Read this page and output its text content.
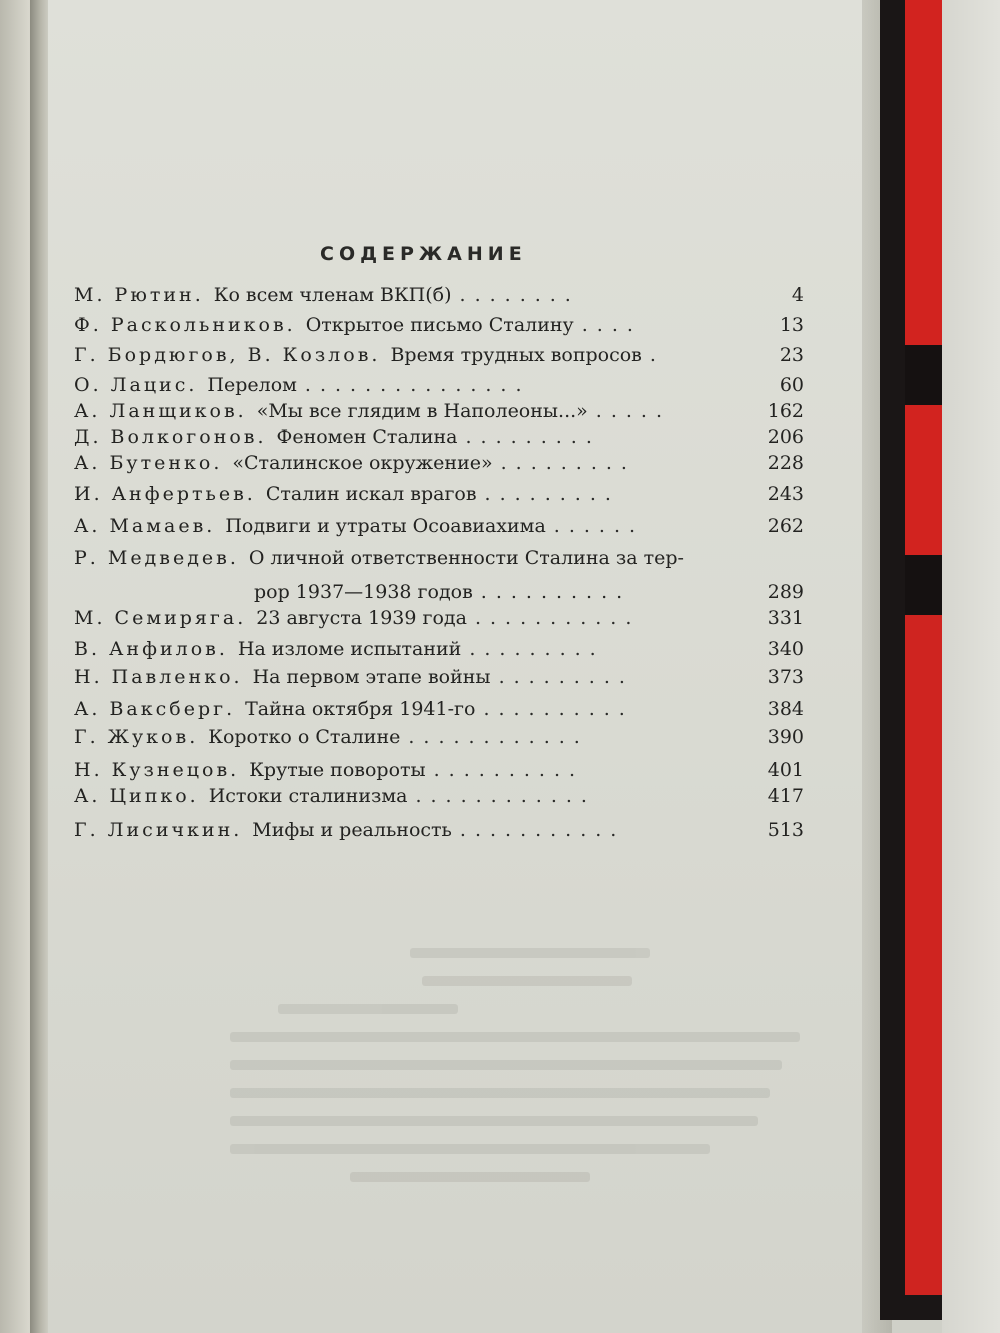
СОДЕРЖАНИЕ
М. Рютин. Ко всем членам ВКП(б) ........	4
Ф. Раскольников. Открытое письмо Сталину ....	13
Г. Бордюгов, В. Козлов. Время трудных вопросов .	23
О. Лацис. Перелом ...............	60
А. Ланщиков. «Мы все глядим в Наполеоны...» .....	162
Д. Волкогонов. Феномен Сталина .........	206
А. Бутенко. «Сталинское окружение» .........	228
И. Анфертьев. Сталин искал врагов .........	243
А. Мамаев. Подвиги и утраты Осоавиахима ......	262
Р. Медведев. О личной ответственности Сталина за тер-
рор 1937—1938 годов ..........	289
М. Семиряга. 23 августа 1939 года ...........	331
В. Анфилов. На изломе испытаний .........	340
Н. Павленко. На первом этапе войны .........	373
А. Ваксберг. Тайна октября 1941-го ..........	384
Г. Жуков. Коротко о Сталине ............	390
Н. Кузнецов. Крутые повороты ..........	401
А. Ципко. Истоки сталинизма ............	417
Г. Лисичкин. Мифы и реальность ...........	513
